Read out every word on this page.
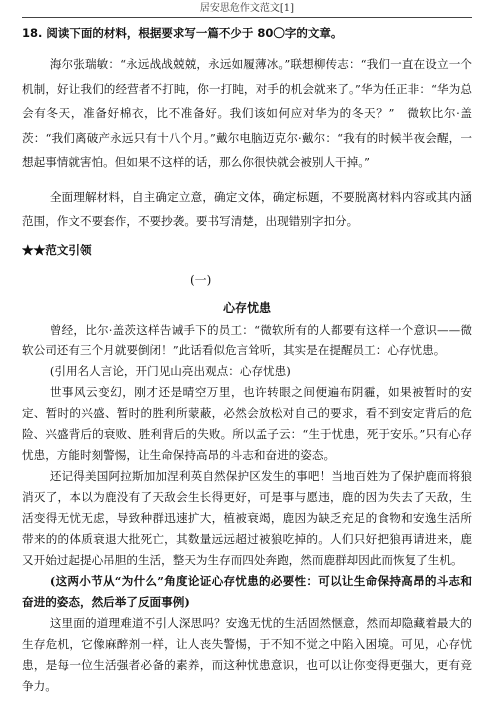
居安思危作文范文[1]
18. 阅读下面的材料，根据要求写一篇不少于 80〇字的文章。

海尔张瑞敏：“永远战战兢兢，永远如履薄冰。”联想柳传志：“我们一直在设立一个机制，好让我们的经营者不打盹，你一打盹，对手的机会就来了。”华为任正非：“华为总会有冬天，准备好棉衣，比不准备好。我们该如何应对华为的冬天？”　微软比尔·盖茨：“我们离破产永远只有十八个月。”戴尔电脑迈克尔·戴尔：“我有的时候半夜会醒，一想起事情就害怕。但如果不这样的话，那么你很快就会被别人干掉。”

全面理解材料，自主确定立意，确定文体，确定标题，不要脱离材料内容或其内涵范围，作文不要套作，不要抄袭。要书写清楚，出现错别字扣分。

★★范文引领

(一)
心存忧患

曾经，比尔·盖茨这样告诫手下的员工：“微软所有的人都要有这样一个意识——微软公司还有三个月就要倒闭！”此话看似危言耸听，其实是在提醒员工：心存忧患。

(引用名人言论，开门见山亮出观点：心存忧患)

世事风云变幻，刚才还是晴空万里，也许转眼之间便遍布阴霾，如果被暂时的安定、暂时的兴盛、暂时的胜利所蒙蔽，必然会放松对自己的要求，看不到安定背后的危险、兴盛背后的衰败、胜利背后的失败。所以孟子云：“生于忧患，死于安乐。”只有心存忧患，方能时刻警惕，让生命保持高昂的斗志和奋进的姿态。

还记得美国阿拉斯加加涅利英自然保护区发生的事吧！当地百姓为了保护鹿而将狼消灭了，本以为鹿没有了天敌会生长得更好，可是事与愿违，鹿的因为失去了天敌，生活变得无忧无虑，导致种群迅速扩大，植被衰竭，鹿因为缺乏充足的食物和安逸生活所带来的的体质衰退大批死亡，其数量远远超过被狼吃掉的。人们只好把狼再请进来，鹿又开始过起提心吊胆的生活，整天为生存而四处奔跑，然而鹿群却因此而恢复了生机。

(这两小节从“为什么”角度论证心存忧患的必要性：可以让生命保持高昂的斗志和奋进的姿态，然后举了反面事例)

这里面的道理难道不引人深思吗？安逸无忧的生活固然惬意，然而却隐藏着最大的生存危机，它像麻醉剂一样，让人丧失警惕，于不知不觉之中陷入困境。可见，心存忧患，是每一位生活强者必备的素养，而这种忧患意识，也可以让你变得更强大，更有竞争力。
